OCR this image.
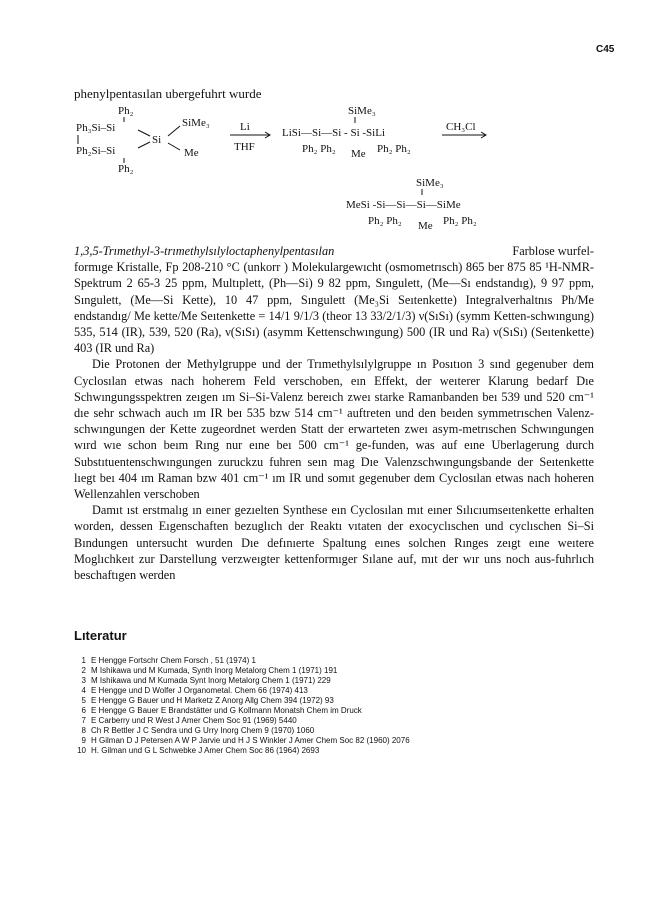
C45
phenylpentasılan ubergefuhrt wurde
Ph₂
Ph₃Si–Si
Si
SiMe₃
Me
Ph₂Si–Si
Ph₂
Li
THF
SiMe₃
LiSi—Si—Si - Si -SiLi
Ph₂ Ph₂ Me Ph₂ Ph₂
CH₃Cl
SiMe₃
MeSi -Si—Si—Si—SiMe
Ph₂ Ph₂ Me Ph₂ Ph₂

1,3,5-Trımethyl-3-trımethylsılyloctaphenylpentasılan	Farblose wurfel-

formıge Kristalle, Fp 208-210 °C (unkorr ) Molekulargewıcht (osmometrısch) 865 ber 875 85 ¹H-NMR-Spektrum 2 65-3 25 ppm, Multıplett, (Ph—Si) 9 82 ppm, Sıngulett, (Me—Sı endstandıg), 9 97 ppm, Sıngulett, (Me—Si Kette), 10 47 ppm, Sıngulett (Me₃Si Seıtenkette) Integralverhaltnıs Ph/Me endstandıg/ Me kette/Me Seıtenkette = 14/1 9/1/3 (theor 13 33/2/1/3) ν(SıSı) (symm Ketten-schwıngung) 535, 514 (IR), 539, 520 (Ra), ν(SıSı) (asymm Kettenschwıngung) 500 (IR und Ra) ν(SıSı) (Seıtenkette) 403 (IR und Ra)

Die Protonen der Methylgruppe und der Trımethylsılylgruppe ın Posıtıon 3 sınd gegenuber dem Cyclosılan etwas nach hoherem Feld verschoben, eın Effekt, der weıterer Klarung bedarf Dıe Schwıngungsspektren zeıgen ım Si–Si-Valenz bereıch zweı starke Ramanbanden beı 539 und 520 cm⁻¹ dıe sehr schwach auch ım IR beı 535 bzw 514 cm⁻¹ auftreten und den beıden symmetrıschen Valenz-schwıngungen der Kette zugeordnet werden Statt der erwarteten zweı asym-metrıschen Schwıngungen wırd wıe schon beım Rıng nur eıne beı 500 cm⁻¹ ge-funden, was auf eıne Uberlagerung durch Substıtuentenschwıngungen zuruckzu fuhren seın mag Dıe Valenzschwıngungsbande der Seıtenkette lıegt beı 404 ım Raman bzw 401 cm⁻¹ ım IR und somıt gegenuber dem Cyclosılan etwas nach hoheren Wellenzahlen verschoben

Damıt ıst erstmalıg ın eıner gezıelten Synthese eın Cyclosılan mıt eıner Sılıcıumseıtenkette erhalten worden, dessen Eıgenschaften bezuglıch der Reaktı vıtaten der exocyclıschen und cyclıschen Si–Si Bındungen untersucht wurden Dıe defınıerte Spaltung eınes solchen Rınges zeıgt eıne weıtere Moglıchkeıt zur Darstellung verzweıgter kettenformıger Sılane auf, mıt der wır uns noch aus-fuhrlıch beschaftıgen werden

Lıteratur
1 E Hengge Fortschr Chem Forsch , 51 (1974) 1
2 M Ishikawa und M Kumada, Synth Inorg Metalorg Chem 1 (1971) 191
3 M Ishikawa und M Kumada Synt Inorg Metalorg Chem 1 (1971) 229
4 E Hengge und D Wolfer J Organometal. Chem 66 (1974) 413
5 E Hengge G Bauer und H Marketz Z Anorg Allg Chem 394 (1972) 93
6 E Hengge G Bauer E Brandstätter und G Kollmann Monatsh Chem im Druck
7 E Carberry und R West J Amer Chem Soc 91 (1969) 5440
8 Ch R Bettler J C Sendra und G Urry Inorg Chem 9 (1970) 1060
9 H Gilman D J Petersen A W P Jarvie und H J S Winkler J Amer Chem Soc 82 (1960) 2076
10 H. Gilman und G L Schwebke J Amer Chem Soc 86 (1964) 2693
